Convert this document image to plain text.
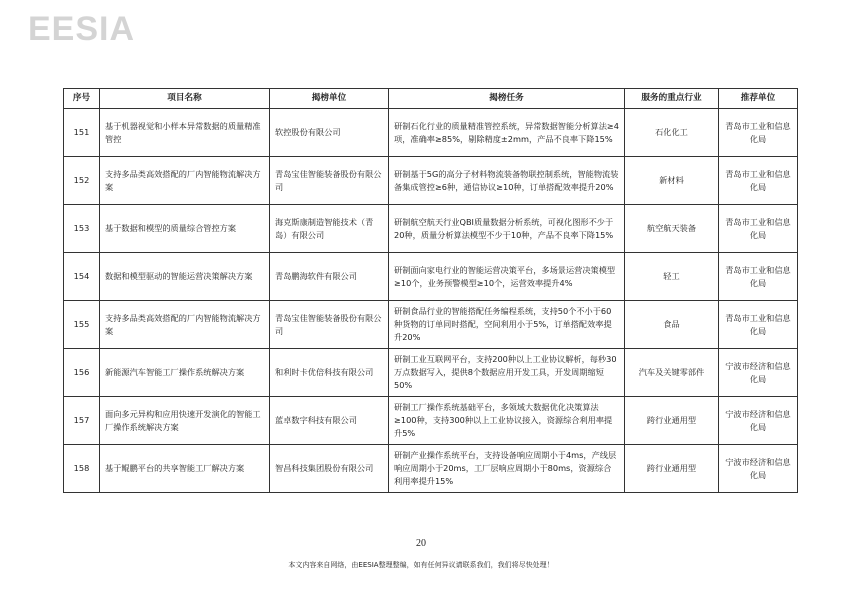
EESIA
序号	项目名称	揭榜单位	揭榜任务	服务的重点行业	推荐单位
151	基于机器视觉和小样本异常数据的质量精准管控	软控股份有限公司	研制石化行业的质量精准管控系统，异常数据智能分析算法≥4项，准确率≥85%，剔除精度±2mm，产品不良率下降15%	石化化工	青岛市工业和信息化局
152	支持多品类高效搭配的厂内智能物流解决方案	青岛宝佳智能装备股份有限公司	研制基于5G的高分子材料物流装备物联控制系统，智能物流装备集成管控≥6种，通信协议≥10种，订单搭配效率提升20%	新材料	青岛市工业和信息化局
153	基于数据和模型的质量综合管控方案	海克斯康制造智能技术（青岛）有限公司	研制航空航天行业QBI质量数据分析系统，可视化图形不少于20种，质量分析算法模型不少于10种，产品不良率下降15%	航空航天装备	青岛市工业和信息化局
154	数据和模型驱动的智能运营决策解决方案	青岛鹏海软件有限公司	研制面向家电行业的智能运营决策平台，多场景运营决策模型≥10个，业务预警模型≥10个，运营效率提升4%	轻工	青岛市工业和信息化局
155	支持多品类高效搭配的厂内智能物流解决方案	青岛宝佳智能装备股份有限公司	研制食品行业的智能搭配任务编程系统，支持50个不小于60种货物的订单同时搭配，空间利用小于5%，订单搭配效率提升20%	食品	青岛市工业和信息化局
156	新能源汽车智能工厂操作系统解决方案	和利时卡优倍科技有限公司	研制工业互联网平台，支持200种以上工业协议解析，每秒30万点数据写入，提供8个数据应用开发工具，开发周期缩短50%	汽车及关键零部件	宁波市经济和信息化局
157	面向多元异构和应用快速开发演化的智能工厂操作系统解决方案	蓝卓数字科技有限公司	研制工厂操作系统基础平台，多领域大数据优化决策算法≥100种，支持300种以上工业协议接入，资源综合利用率提升5%	跨行业通用型	宁波市经济和信息化局
158	基于鲲鹏平台的共享智能工厂解决方案	智昌科技集团股份有限公司	研制产业操作系统平台，支持设备响应周期小于4ms，产线层响应周期小于20ms，工厂层响应周期小于80ms，资源综合利用率提升15%	跨行业通用型	宁波市经济和信息化局
20
本文内容来自网络，由EESIA整理整编，如有任何异议请联系我们，我们将尽快处理！
